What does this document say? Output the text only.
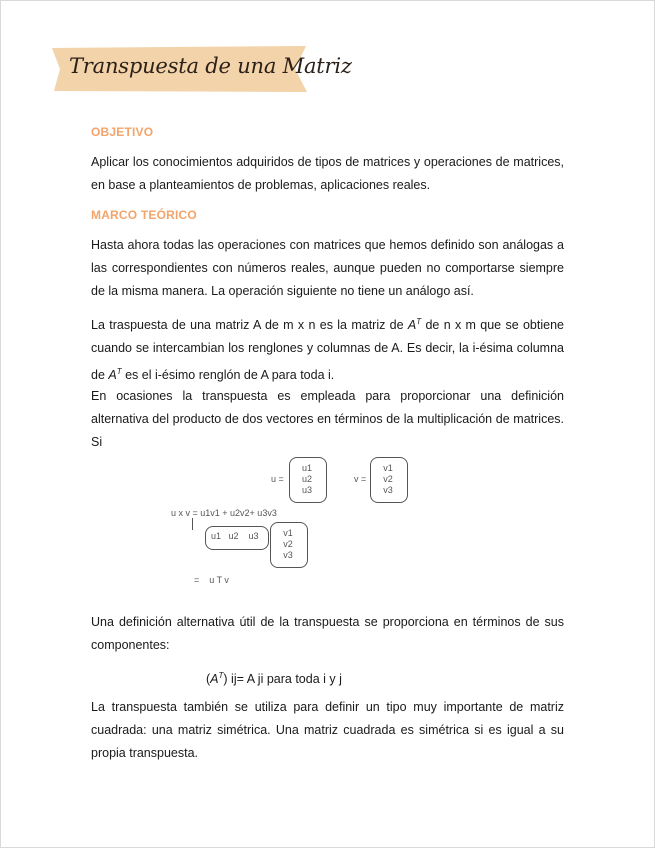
Transpuesta de una Matriz
OBJETIVO
Aplicar los conocimientos adquiridos de tipos de matrices y operaciones de matrices, en base a planteamientos de problemas, aplicaciones reales.
MARCO TEÓRICO
Hasta ahora todas las operaciones con matrices que hemos definido son análogas a las correspondientes con números reales, aunque pueden no comportarse siempre de la misma manera. La operación siguiente no tiene un análogo así.
La traspuesta de una matriz A de m x n es la matriz de $A^T$ de n x m que se obtiene cuando se intercambian los renglones y columnas de A. Es decir, la i-ésima columna de $A^T$ es el i-ésimo renglón de A para toda i.
En ocasiones la transpuesta es empleada para proporcionar una definición alternativa del producto de dos vectores en términos de la multiplicación de matrices. Si
u =
u1
u2
u3
v =
v1
v2
v3
u x v = u1v1 + u2v2+ u3v3
u1   u2    u3	v1
v2
v3
=    u T v
Una definición alternativa útil de la transpuesta se proporciona en términos de sus componentes:
$(A^T)$ ij= A ji para toda i y j
La transpuesta también se utiliza para definir un tipo muy importante de matriz cuadrada: una matriz simétrica. Una matriz cuadrada es simétrica si es igual a su propia transpuesta.
